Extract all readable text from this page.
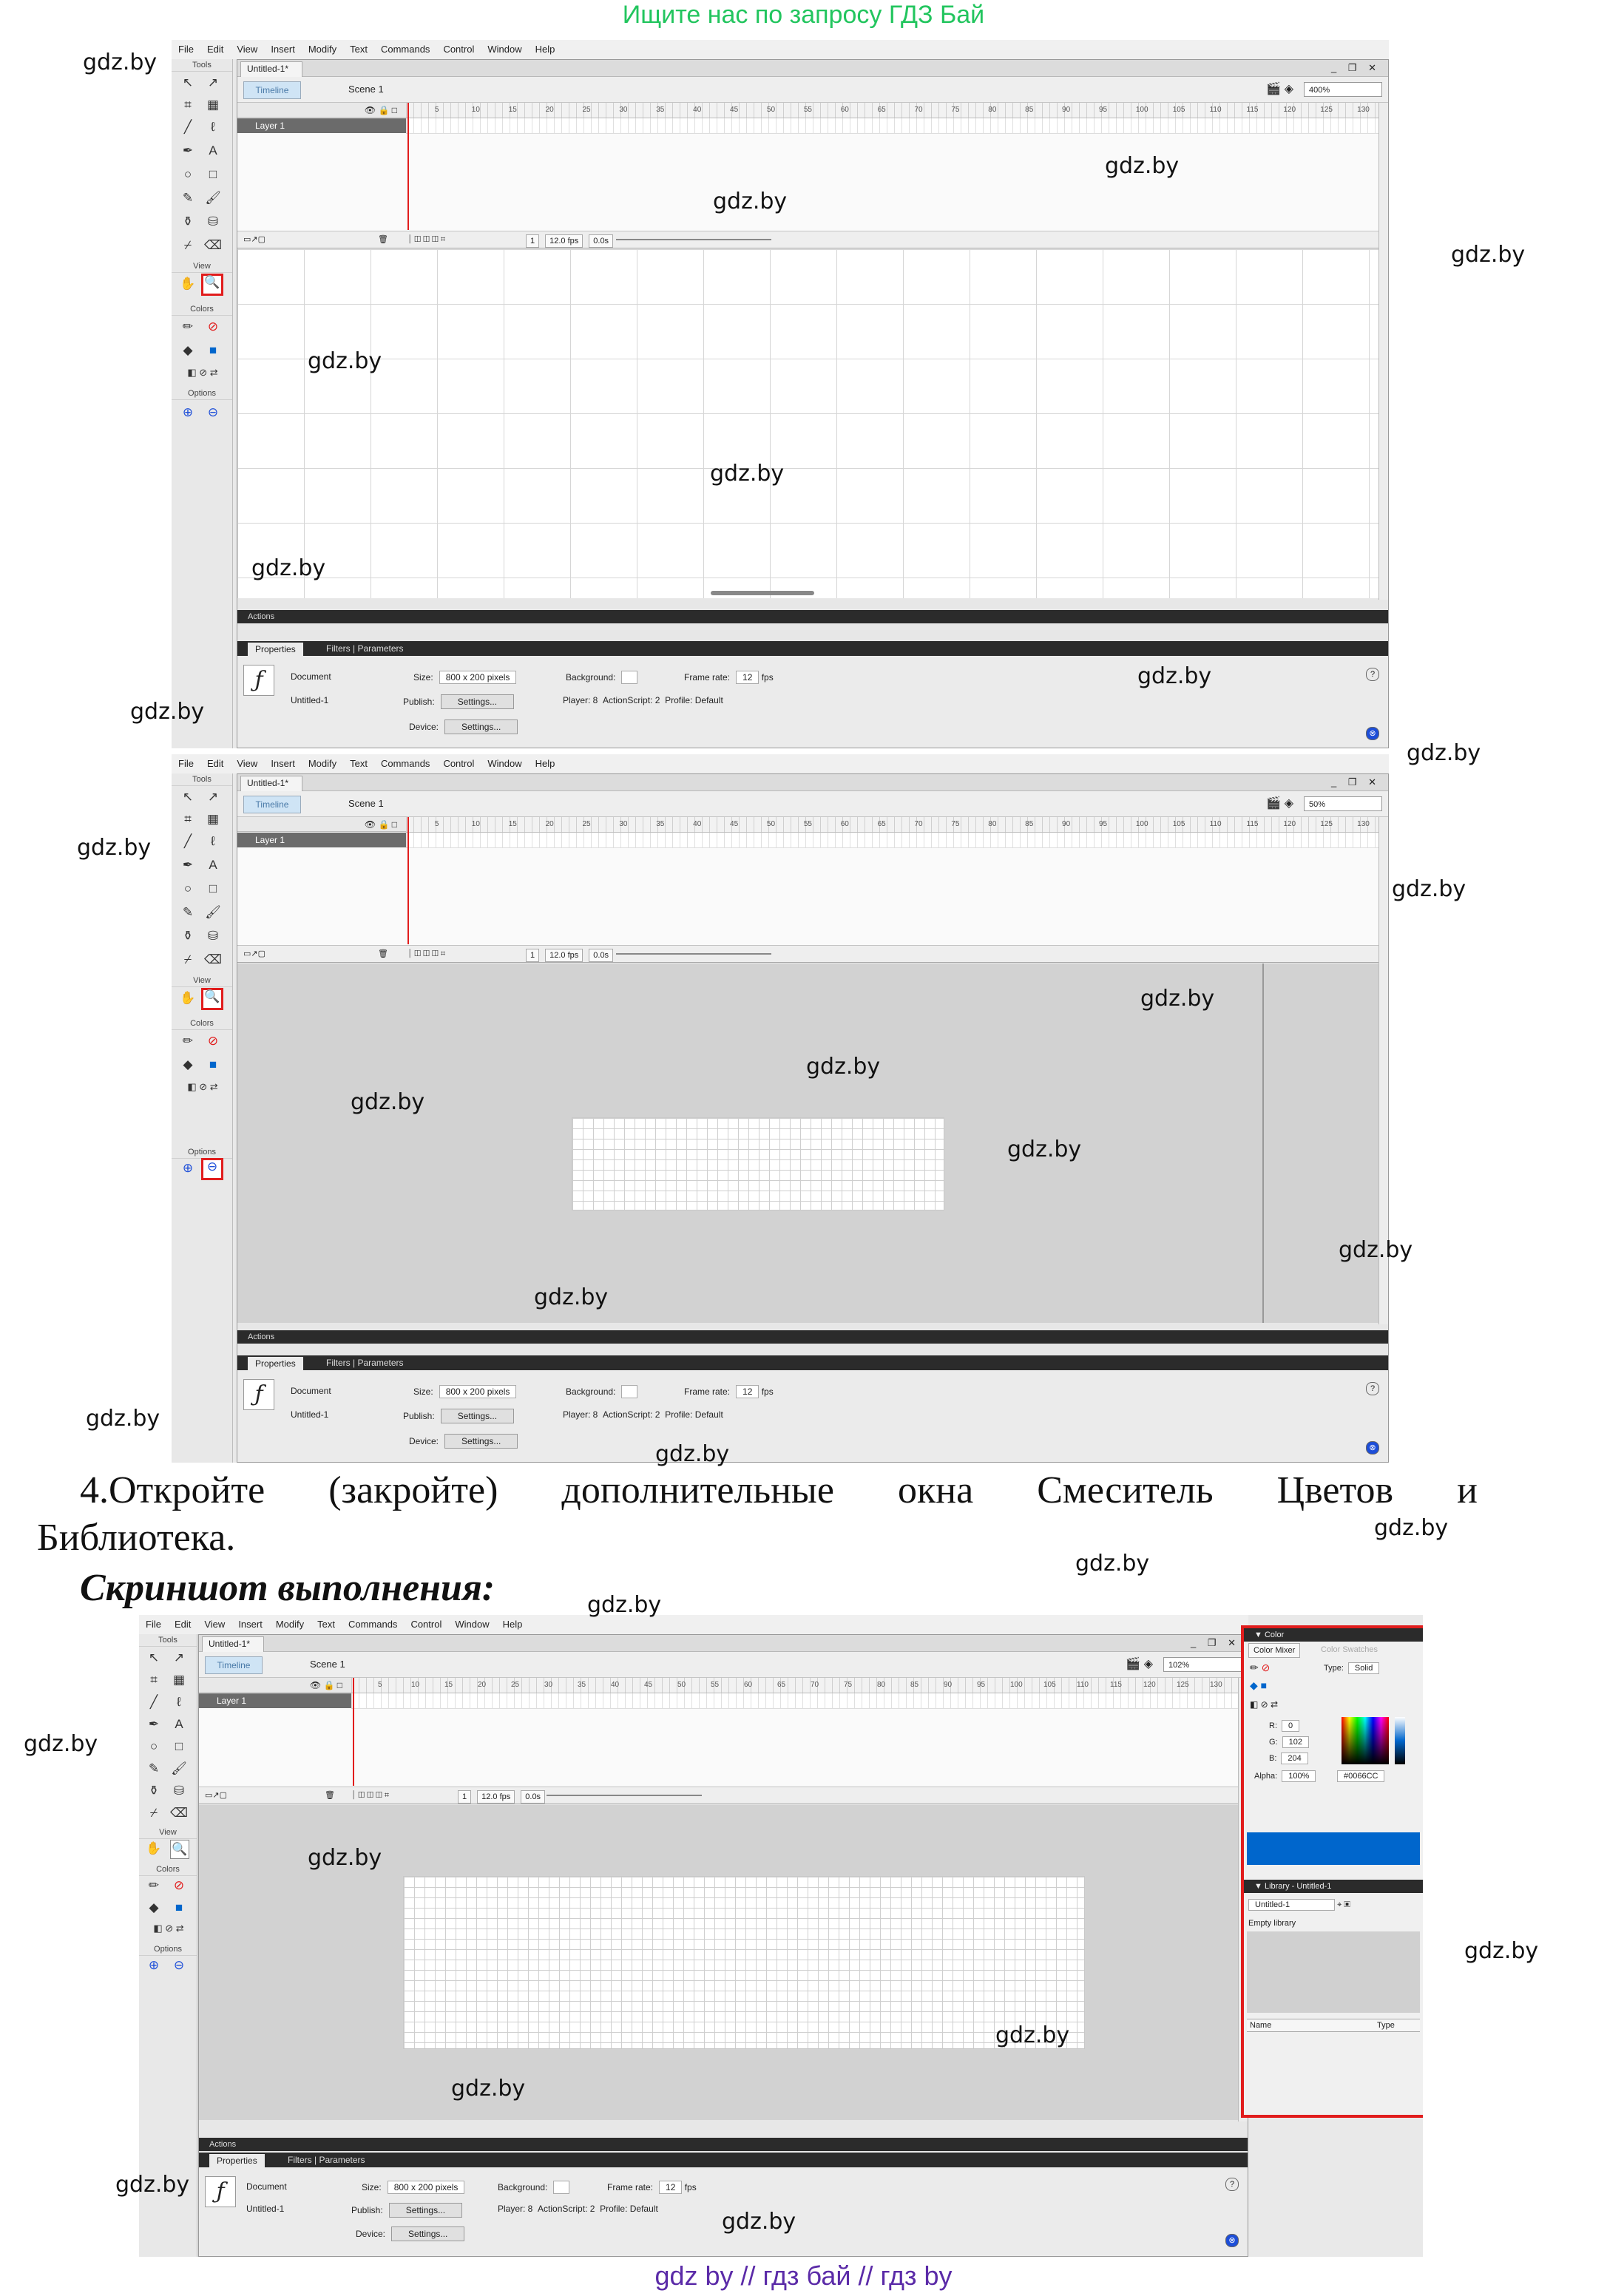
Ищите нас по запросу ГДЗ Бай
File Edit View Insert Modify Text Commands Control Window Help
Tools
↖ ↗
⌗	▦
╱	ℓ
✒	A
○	□
✎ 🖌
⚱ ⛁
⌿ ⌫
View
✋ 🔍
Colors
✏ ⊘
◆	■
◧ ⊘ ⇄
Options
⊕ ⊖
Untitled-1*	_ ❐ ✕
Timeline	Scene 1	🎬 ◈	400%
👁 🔒 □	5	10	15	20	25	30	35	40	45	50	55	60	65	70	75	80	85	90	95	100	105	110	115	120	125	130
Layer 1
▭↗▢	🗑 ⏐ ◫ ◫ ◫ ⌗	1 12.0 fps 0.0s
Actions
Properties	Filters | Parameters
ƒ	Document
Untitled-1
Size: 800 x 200 pixels	Background:	Frame rate: 12 fps
Publish:	Settings...	Player: 8 ActionScript: 2 Profile: Default
Device:	Settings...
?
⊗
File Edit View Insert Modify Text Commands Control Window Help
Tools
↖ ↗
⌗	▦
╱	ℓ
✒	A
○	□
✎ 🖌
⚱ ⛁
⌿ ⌫
View
✋ 🔍
Colors
✏ ⊘
◆	■
◧ ⊘ ⇄
Options
⊕	⊖
Untitled-1*	_ ❐ ✕
Timeline	Scene 1	🎬 ◈	50%
👁 🔒 □	5	10	15	20	25	30	35	40	45	50	55	60	65	70	75	80	85	90	95	100	105	110	115	120	125	130
Layer 1
▭↗▢	🗑 ⏐ ◫ ◫ ◫ ⌗	1 12.0 fps 0.0s
Actions
Properties	Filters | Parameters
ƒ	Document
Untitled-1
Size: 800 x 200 pixels	Background:	Frame rate: 12 fps
Publish:	Settings...	Player: 8 ActionScript: 2 Profile: Default
Device:	Settings...
?
⊗
4.Откройте (закройте) дополнительные окна Смеситель Цветов и
Библиотека.
Скриншот выполнения:
File Edit View Insert Modify Text Commands Control Window Help
Tools
↖ ↗
⌗	▦
╱	ℓ
✒	A
○	□
✎ 🖌
⚱ ⛁
⌿ ⌫
View
✋ 🔍
Colors
✏ ⊘
◆	■
◧ ⊘ ⇄
Options
⊕ ⊖
Untitled-1*	_ ❐ ✕
Timeline	Scene 1	🎬 ◈	102%
👁 🔒 □	5	10	15	20	25	30	35	40	45	50	55	60	65	70	75	80	85	90	95	100	105	110	115	120	125	130
Layer 1
▭↗▢	🗑 ⏐ ◫ ◫ ◫ ⌗	1 12.0 fps 0.0s
Actions
Properties	Filters | Parameters
ƒ	Document
Untitled-1
Size: 800 x 200 pixels	Background:	Frame rate: 12 fps
Publish:	Settings...	Player: 8 ActionScript: 2 Profile: Default
Device:	Settings...
?
⊗
▼ Color
Color Mixer	Color Swatches
✏ ⊘	Type: Solid
◆ ■
◧ ⊘ ⇄
R: 0
G: 102
B: 204
Alpha: 100%	#0066CC
▼ Library - Untitled-1
Untitled-1	⌖ ▣
Empty library
Name	Type
gdz.by
gdz.by
gdz.by
gdz.by
gdz.by
gdz.by
gdz.by
gdz.by
gdz.by
gdz.by
gdz.by
gdz.by
gdz.by
gdz.by
gdz.by
gdz.by
gdz.by
gdz.by
gdz.by
gdz.by
gdz.by
gdz.by
gdz.by
gdz.by
gdz.by
gdz.by
gdz.by
gdz.by
gdz.by
gdz.by
gdz by // гдз бай // гдз by
